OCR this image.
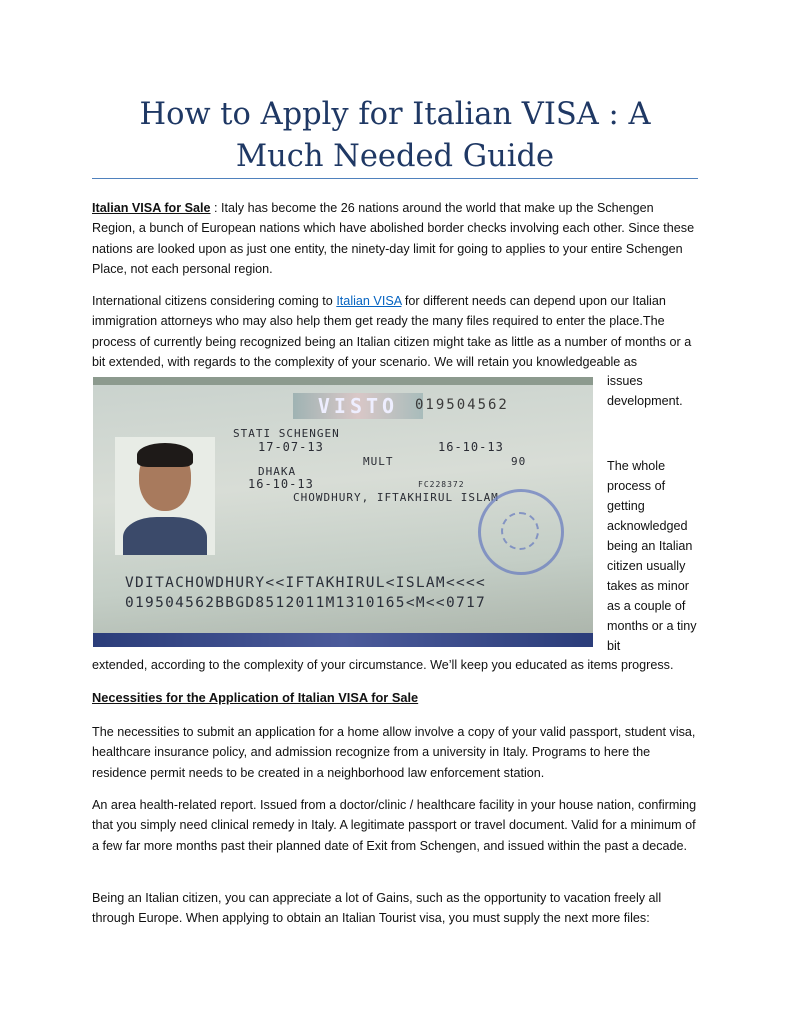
How to Apply for Italian VISA : A Much Needed Guide

Italian VISA for Sale : Italy has become the 26 nations around the world that make up the Schengen Region, a bunch of European nations which have abolished border checks involving each other. Since these nations are looked upon as just one entity, the ninety-day limit for going to applies to your entire Schengen Place, not each personal region.

International citizens considering coming to Italian VISA for different needs can depend upon our Italian immigration attorneys who may also help them get ready the many files required to enter the place.The process of currently being recognized being an Italian citizen might take as little as a number of months or a bit extended, with regards to the complexity of your scenario. We will retain you knowledgeable as

VISTO	019504562
STATI SCHENGEN
17-07-13	16-10-13
MULT	90
DHAKA
16-10-13	FC228372
CHOWDHURY, IFTAKHIRUL ISLAM
VDITACHOWDHURY<<IFTAKHIRUL<ISLAM<<<<
019504562BBGD8512011M1310165<M<<0717

issues

development.

The whole process of getting acknowledged being an Italian citizen usually takes as minor as a couple of months or a tiny bit

extended, according to the complexity of your circumstance. We’ll keep you educated as items progress.

Necessities for the Application of Italian VISA for Sale

The necessities to submit an application for a home allow involve a copy of your valid passport, student visa, healthcare insurance policy, and admission recognize from a university in Italy. Programs to here the residence permit needs to be created in a neighborhood law enforcement station.

An area health-related report. Issued from a doctor/clinic / healthcare facility in your house nation, confirming that you simply need clinical remedy in Italy. A legitimate passport or travel document. Valid for a minimum of a few far more months past their planned date of Exit from Schengen, and issued within the past a decade.

Being an Italian citizen, you can appreciate a lot of Gains, such as the opportunity to vacation freely all through Europe. When applying to obtain an Italian Tourist visa, you must supply the next more files:
